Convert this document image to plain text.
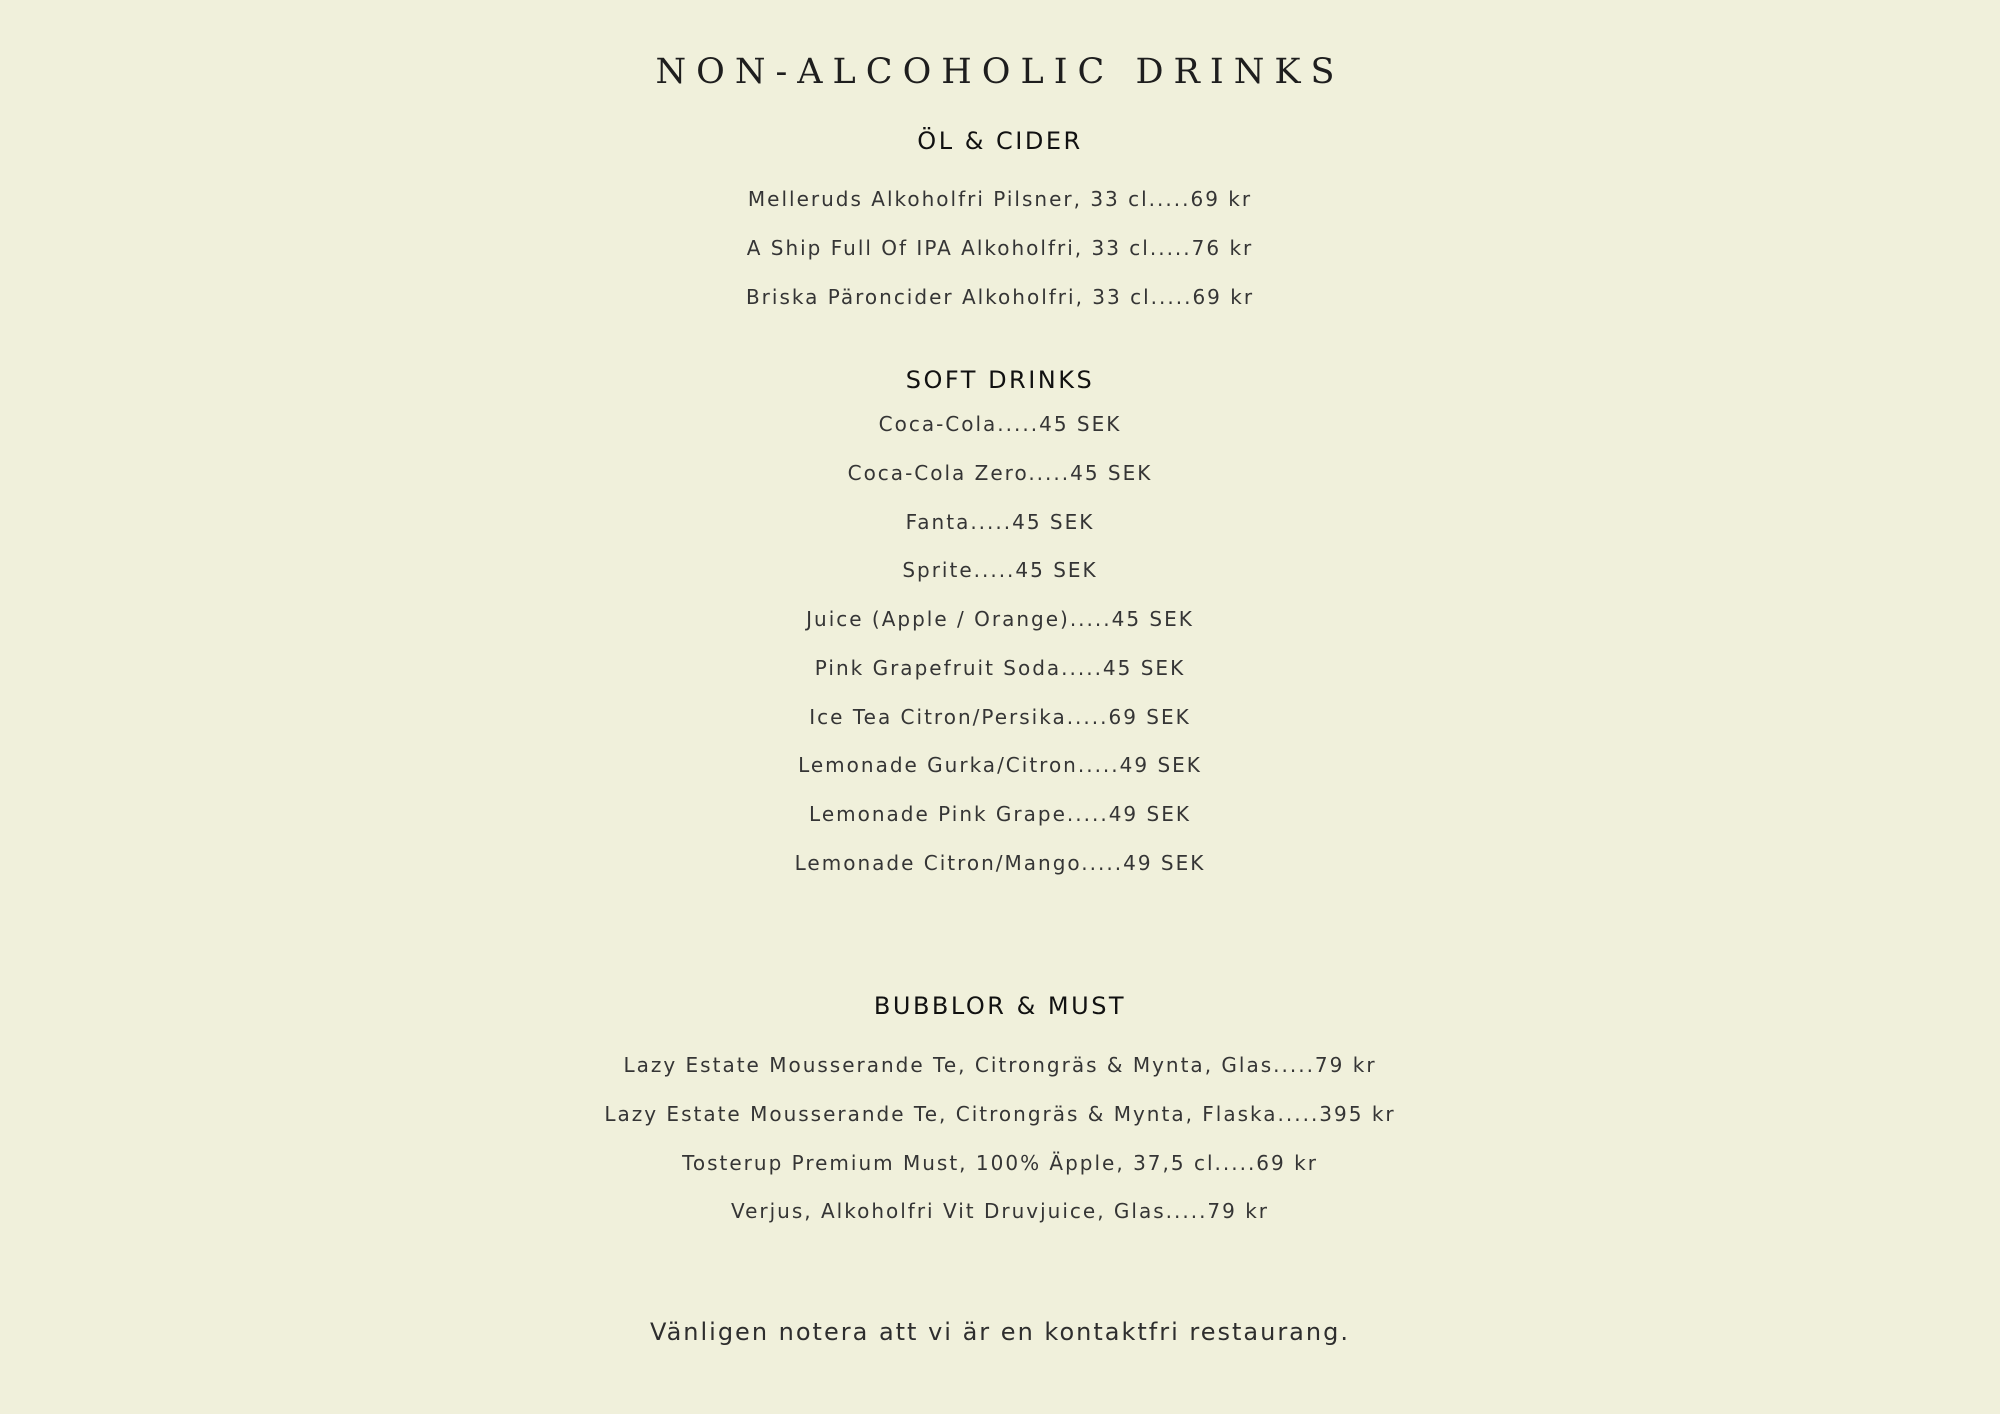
NON-ALCOHOLIC DRINKS
ÖL & CIDER

Melleruds Alkoholfri Pilsner, 33 cl.....69 kr

A Ship Full Of IPA Alkoholfri, 33 cl.....76 kr

Briska Päroncider Alkoholfri, 33 cl.....69 kr

SOFT DRINKS

Coca-Cola.....45 SEK

Coca-Cola Zero.....45 SEK

Fanta.....45 SEK

Sprite.....45 SEK

Juice (Apple / Orange).....45 SEK

Pink Grapefruit Soda.....45 SEK

Ice Tea Citron/Persika.....69 SEK

Lemonade Gurka/Citron.....49 SEK

Lemonade Pink Grape.....49 SEK

Lemonade Citron/Mango.....49 SEK

BUBBLOR & MUST

Lazy Estate Mousserande Te, Citrongräs & Mynta, Glas.....79 kr

Lazy Estate Mousserande Te, Citrongräs & Mynta, Flaska.....395 kr

Tosterup Premium Must, 100% Äpple, 37,5 cl.....69 kr

Verjus, Alkoholfri Vit Druvjuice, Glas.....79 kr

Vänligen notera att vi är en kontaktfri restaurang.
